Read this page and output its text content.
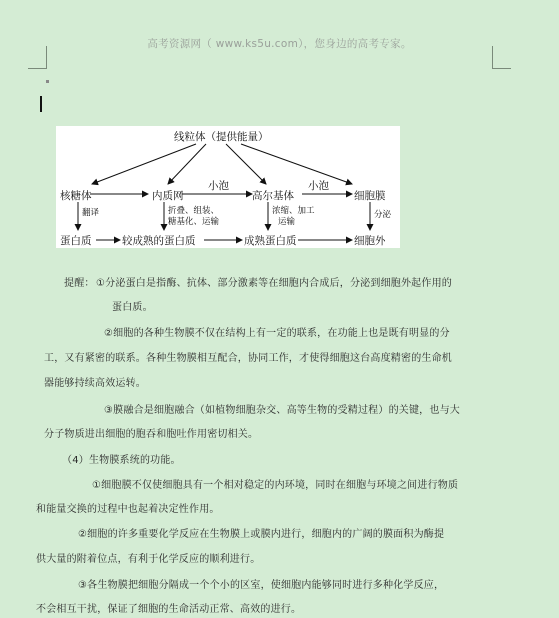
高考资源网（ www.ks5u.com），您身边的高考专家。
线粒体（提供能量）
核糖体	内质网	高尔基体	细胞膜
小泡	小泡
翻译	折叠、组装、
糖基化、运输
浓缩、加工
运输
分泌
蛋白质	较成熟的蛋白质	成熟蛋白质	细胞外
提醒： ①分泌蛋白是指酶、抗体、部分激素等在细胞内合成后，分泌到细胞外起作用的
蛋白质。
②细胞的各种生物膜不仅在结构上有一定的联系，在功能上也是既有明显的分
工，又有紧密的联系。各种生物膜相互配合，协同工作，才使得细胞这台高度精密的生命机
器能够持续高效运转。
③膜融合是细胞融合（如植物细胞杂交、高等生物的受精过程）的关键，也与大
分子物质进出细胞的胞吞和胞吐作用密切相关。
（4）生物膜系统的功能。
①细胞膜不仅使细胞具有一个相对稳定的内环境，同时在细胞与环境之间进行物质
和能量交换的过程中也起着决定性作用。
②细胞的许多重要化学反应在生物膜上或膜内进行，细胞内的广阔的膜面积为酶提
供大量的附着位点，有利于化学反应的顺利进行。
③各生物膜把细胞分隔成一个个小的区室，使细胞内能够同时进行多种化学反应，
不会相互干扰，保证了细胞的生命活动正常、高效的进行。
